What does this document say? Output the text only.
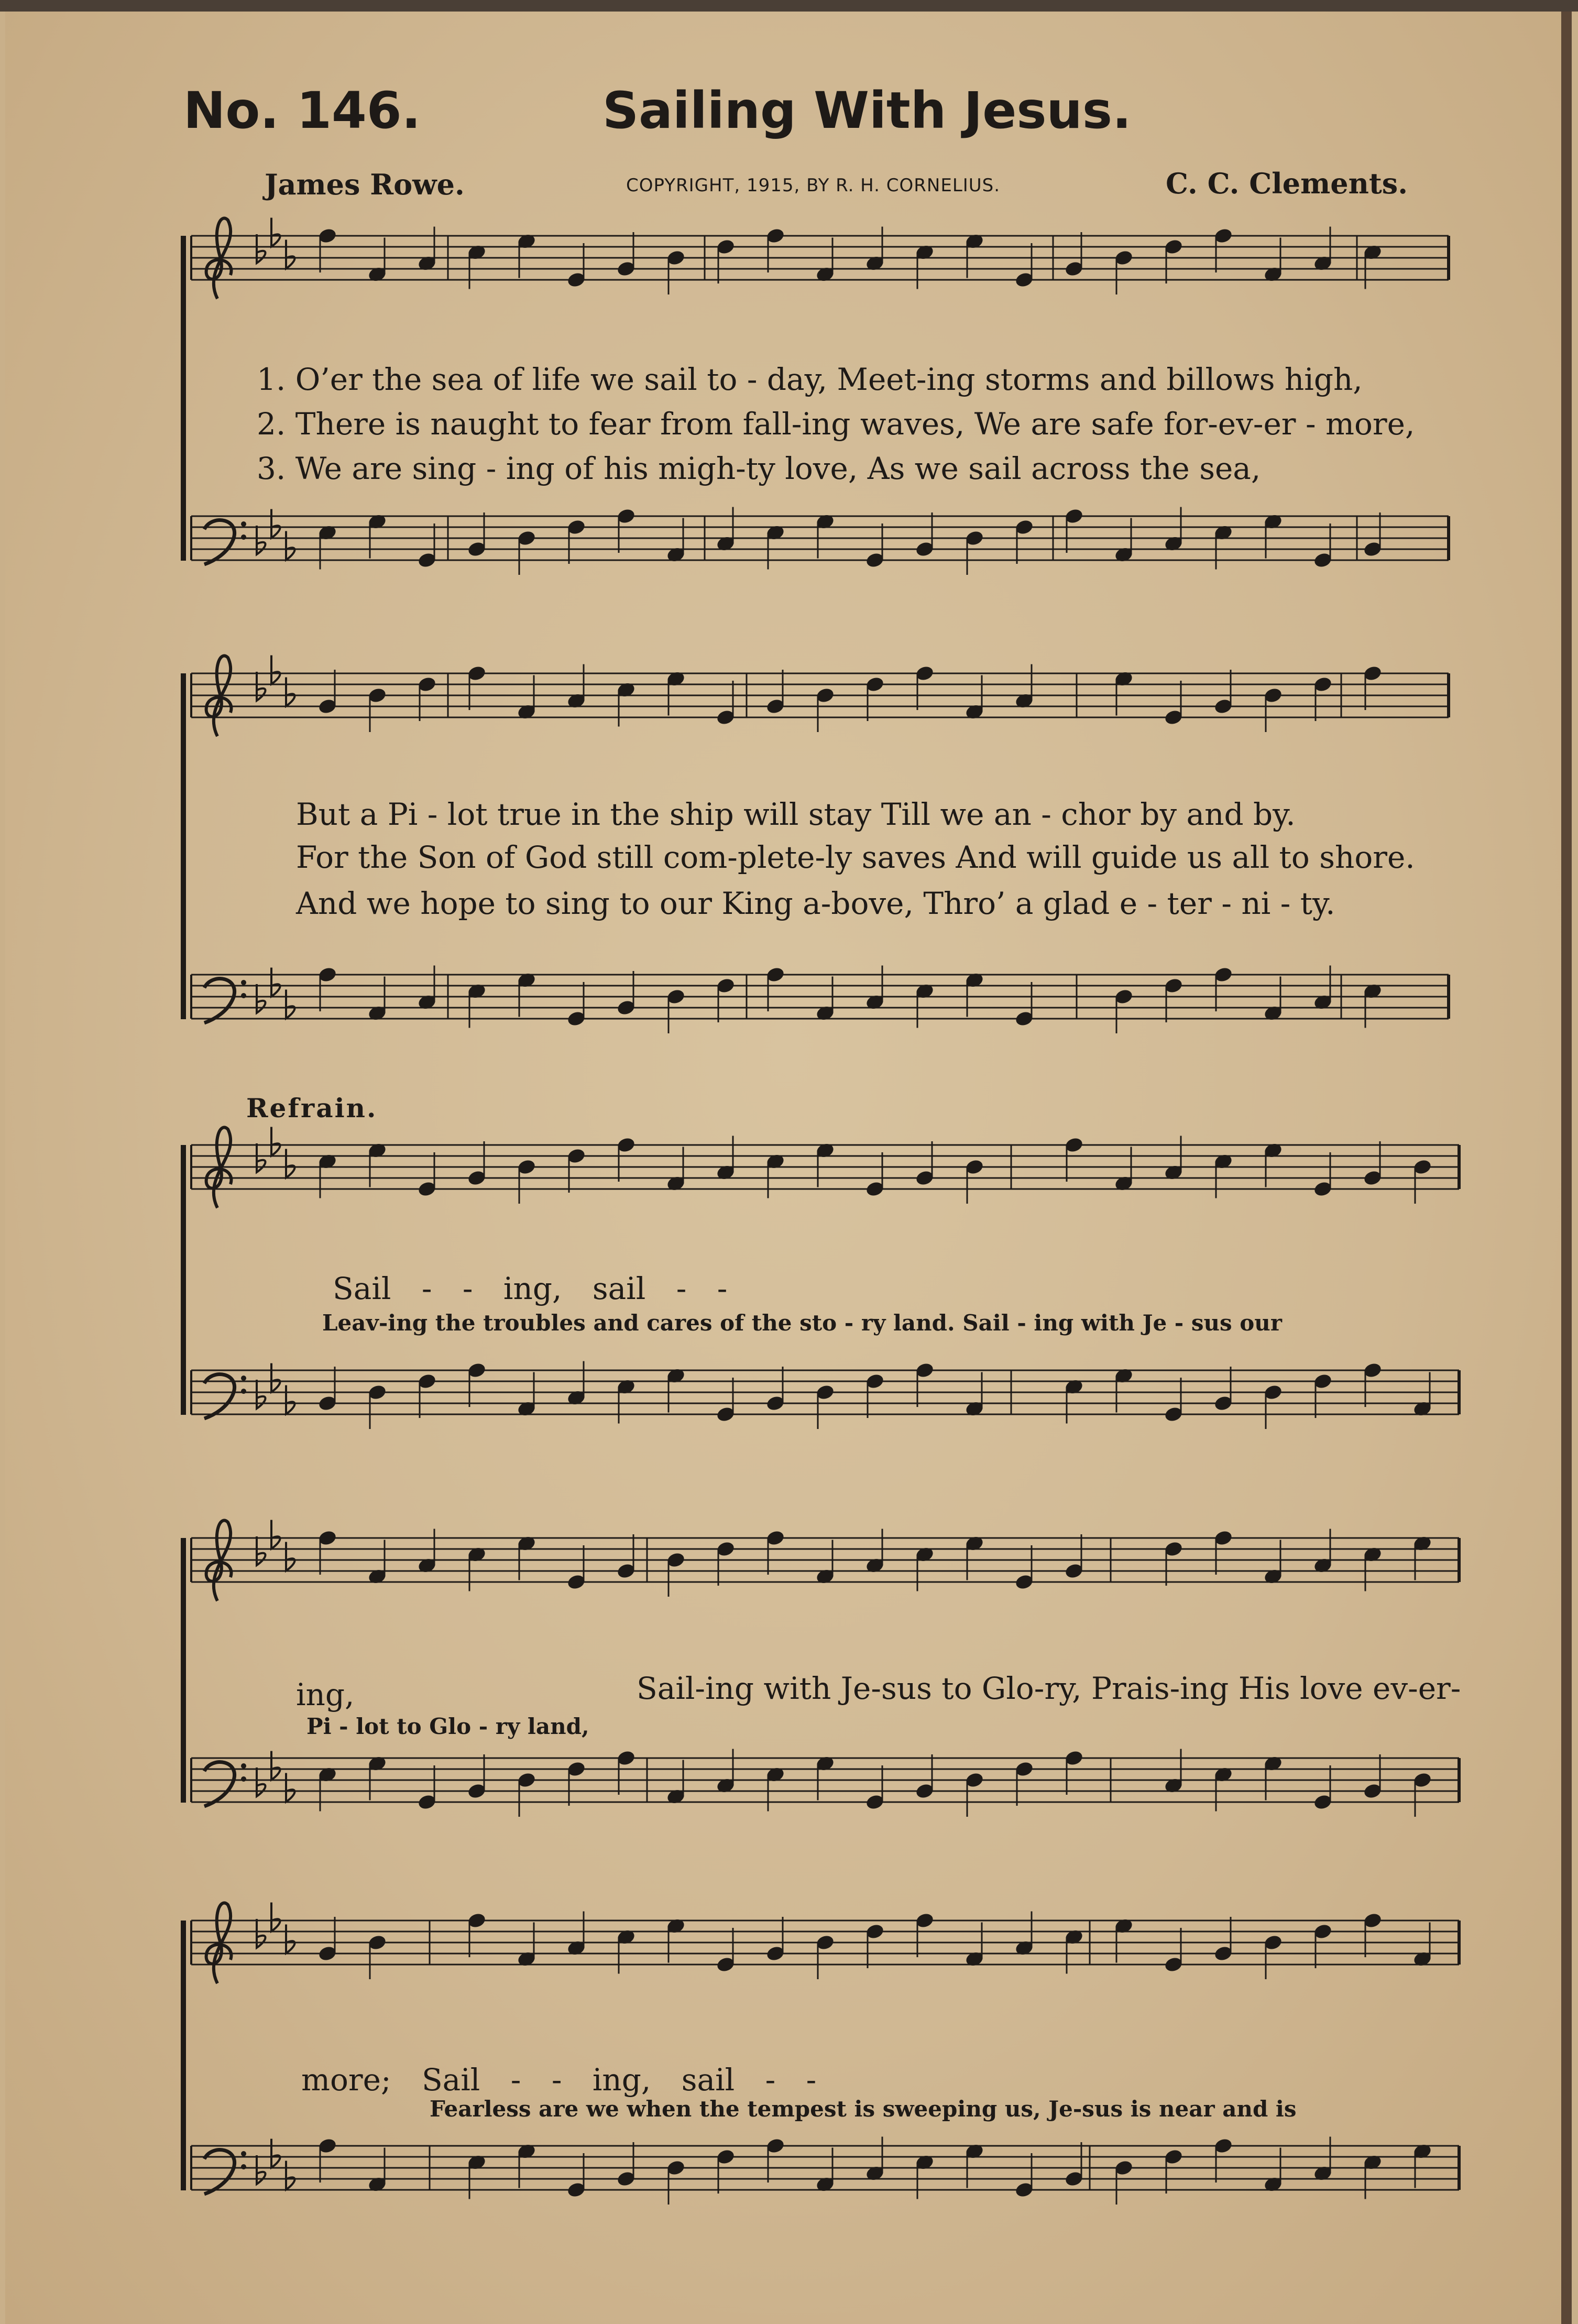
No. 146.	Sailing With Jesus.
James Rowe.	COPYRIGHT, 1915, BY R. H. CORNELIUS.	C. C. Clements.
1. O’er the sea of life we sail to - day, Meet-ing storms and billows high,
2. There is naught to fear from fall-ing waves, We are safe for-ev-er - more,
3. We are sing - ing of his migh-ty love, As we sail across the sea,
But a Pi - lot true in the ship will stay Till we an - chor by and by.
For the Son of God still com-plete-ly saves And will guide us all to shore.
And we hope to sing to our King a-bove, Thro’ a glad e - ter - ni - ty.
Refrain.
Sail - - ing, sail - -
Leav-ing the troubles and cares of the sto - ry land. Sail - ing with Je - sus our
ing,	Sail-ing with Je-sus to Glo-ry, Prais-ing His love ev-er-
Pi - lot to Glo - ry land,
more; Sail - - ing, sail - -
Fearless are we when the tempest is sweeping us, Je-sus is near and is
